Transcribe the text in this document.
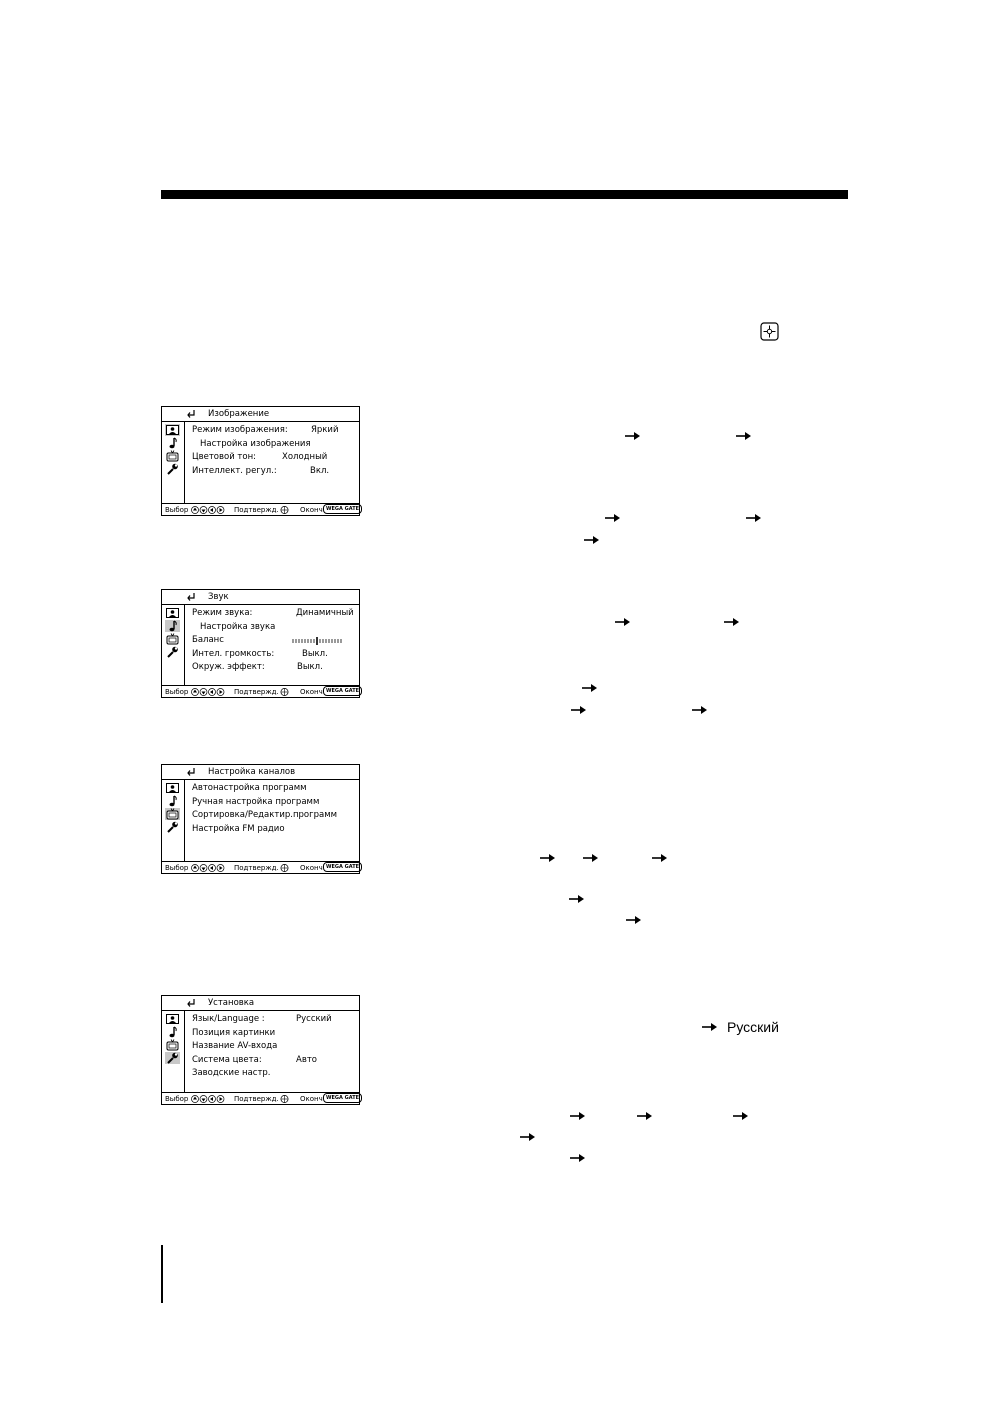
Изображение
Режим изображения:	Яркий
Настройка изображения
Цветовой тон:	Холодный
Интеллект. регул.:	Вкл.
Выбор	Подтвержд.	Оконч WEGA GATE
Звук
Режим звука:	Динамичный
Настройка звука
Баланс
Интел. громкость:	Выкл.
Окруж. эффект:	Выкл.
Выбор	Подтвержд.	Оконч WEGA GATE
Настройка каналов
Автонастройка программ
Ручная настройка программ
Сортировка/Редактир.программ
Настройка FM радио
Выбор	Подтвержд.	Оконч WEGA GATE
Установка
Язык/Language :	Русский
Позиция картинки
Название AV-входа
Система цвета:	Авто
Заводские настр.
Выбор	Подтвержд.	Оконч WEGA GATE
Русский
